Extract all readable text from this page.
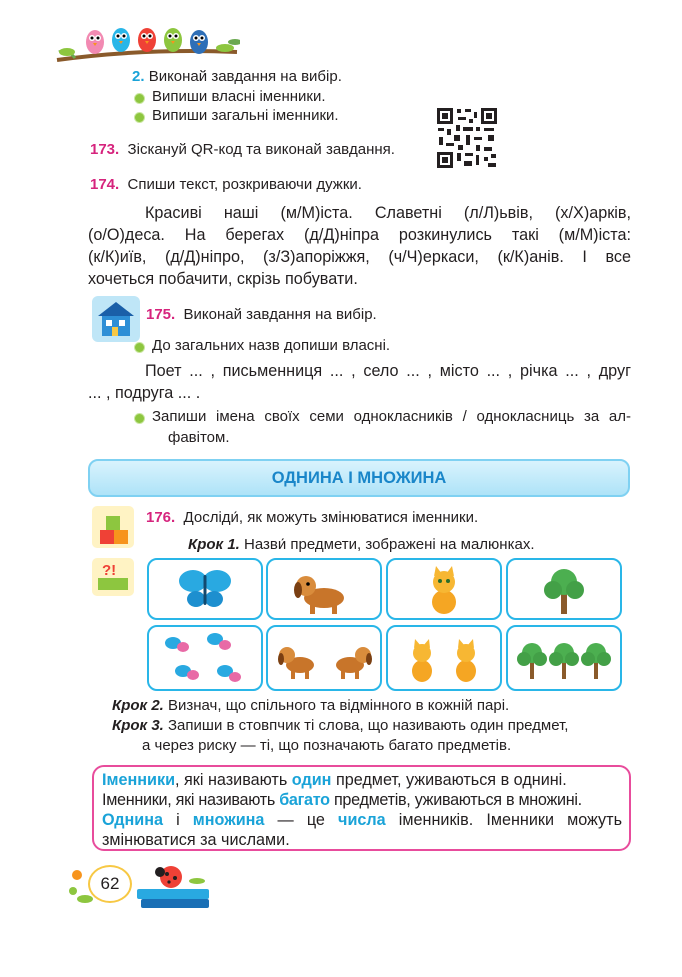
2. Виконай завдання на вибір.
Випиши власні іменники.
Випиши загальні іменники.
173. Зіскануй QR-код та виконай завдання.
174. Спиши текст, розкриваючи дужки.
Красиві наші (м/М)іста. Славетні (л/Л)ьвів, (х/Х)арків,
(о/О)деса. На берегах (д/Д)ніпра розкинулись такі (м/М)іста:
(к/К)иїв, (д/Д)ніпро, (з/З)апоріжжя, (ч/Ч)еркаси, (к/К)анів. І все
хочеться побачити, скрізь побувати.
175. Виконай завдання на вибір.
До загальних назв допиши власні.
Поет ... , письменниця ... , село ... , місто ... , річка ... , друг
... , подруга ... .
Запиши імена своїх семи однокласників / однокласниць за ал-
фавітом.
ОДНИНА І МНОЖИНА
?!
176. Досліди́, як можуть змінюватися іменники.
Крок 1. Назви́ предмети, зображені на малюнках.
Крок 2. Визнач, що спільного та відмінного в кожній парі.
Крок 3. Запиши в стовпчик ті слова, що називають один предмет,
а через риску — ті, що позначають багато предметів.
Іменники, які називають один предмет, уживаються в однині.
Іменники, які називають багато предметів, уживаються в множині.
Однина і множина — це числа іменників. Іменники можуть
змінюватися за числами.
62
